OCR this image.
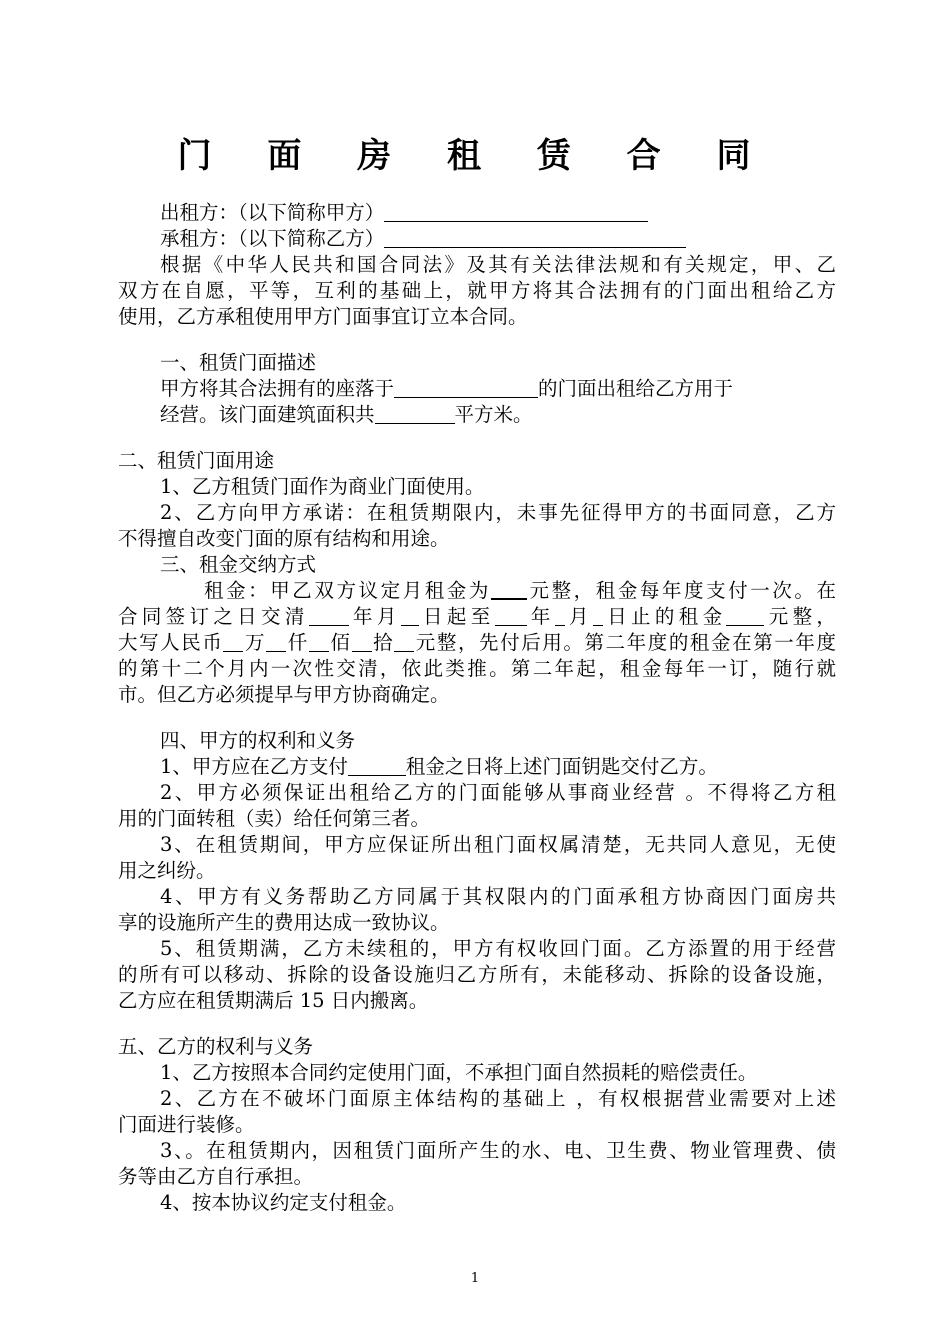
门 面 房 租 赁 合 同

出租方：（以下简称甲方）

承租方：（以下简称乙方）

根据《中华人民共和国合同法》及其有关法律法规和有关规定，甲、乙

双方在自愿，平等，互利的基础上，就甲方将其合法拥有的门面出租给乙方

使用，乙方承租使用甲方门面事宜订立本合同。

一、租赁门面描述

甲方将其合法拥有的座落于	的门面出租给乙方用于

经营。该门面建筑面积共	平方米。

二、租赁门面用途

1、乙方租赁门面作为商业门面使用。

2、乙方向甲方承诺：在租赁期限内，未事先征得甲方的书面同意，乙方

不得擅自改变门面的原有结构和用途。

三、租金交纳方式

租金：甲乙双方议定月租金为 元整，租金每年度支付一次。在

合同签订之日交清 年月 日起至 年 月 日止的租金 元整，

大写人民币 万 仟 佰 拾 元整，先付后用。第二年度的租金在第一年度

的第十二个月内一次性交清，依此类推。第二年起，租金每年一订，随行就

市。但乙方必须提早与甲方协商确定。

四、甲方的权利和义务

1、甲方应在乙方支付	租金之日将上述门面钥匙交付乙方。

2、甲方必须保证出租给乙方的门面能够从事商业经营 。不得将乙方租

用的门面转租（卖）给任何第三者。

3、在租赁期间，甲方应保证所出租门面权属清楚，无共同人意见，无使

用之纠纷。

4、甲方有义务帮助乙方同属于其权限内的门面承租方协商因门面房共

享的设施所产生的费用达成一致协议。

5、租赁期满，乙方未续租的，甲方有权收回门面。乙方添置的用于经营

的所有可以移动、拆除的设备设施归乙方所有，未能移动、拆除的设备设施，

乙方应在租赁期满后 15 日内搬离。

五、乙方的权利与义务

1、乙方按照本合同约定使用门面，不承担门面自然损耗的赔偿责任。

2、乙方在不破坏门面原主体结构的基础上 ，有权根据营业需要对上述

门面进行装修。

3、。在租赁期内，因租赁门面所产生的水、电、卫生费、物业管理费、债

务等由乙方自行承担。

4、按本协议约定支付租金。

1
